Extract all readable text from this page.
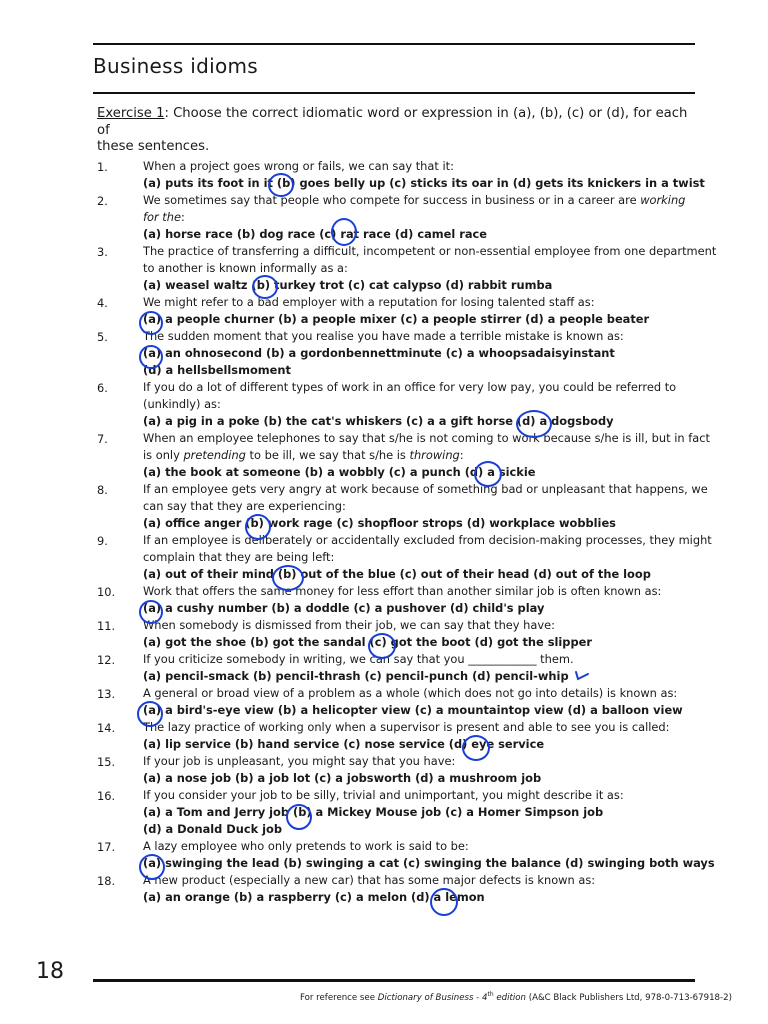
Business idioms
Exercise 1: Choose the correct idiomatic word or expression in (a), (b), (c) or (d), for each of
these sentences.
1.	When a project goes wrong or fails, we can say that it:
(a) puts its foot in it (b) goes belly up (c) sticks its oar in (d) gets its knickers in a twist
2.	We sometimes say that people who compete for success in business or in a career are working
for the:
(a) horse race (b) dog race (c) rat race (d) camel race
3.	The practice of transferring a difficult, incompetent or non-essential employee from one department
to another is known informally as a:
(a) weasel waltz (b) turkey trot (c) cat calypso (d) rabbit rumba
4.	We might refer to a bad employer with a reputation for losing talented staff as:
(a) a people churner (b) a people mixer (c) a people stirrer (d) a people beater
5.	The sudden moment that you realise you have made a terrible mistake is known as:
(a) an ohnosecond (b) a gordonbennettminute (c) a whoopsadaisyinstant
(d) a hellsbellsmoment
6.	If you do a lot of different types of work in an office for very low pay, you could be referred to
(unkindly) as:
(a) a pig in a poke (b) the cat's whiskers (c) a a gift horse (d) a dogsbody
7.	When an employee telephones to say that s/he is not coming to work because s/he is ill, but in fact
is only pretending to be ill, we say that s/he is throwing:
(a) the book at someone (b) a wobbly (c) a punch (d) a sickie
8.	If an employee gets very angry at work because of something bad or unpleasant that happens, we
can say that they are experiencing:
(a) office anger (b) work rage (c) shopfloor strops (d) workplace wobblies
9.	If an employee is deliberately or accidentally excluded from decision-making processes, they might
complain that they are being left:
(a) out of their mind (b) out of the blue (c) out of their head (d) out of the loop
10. Work that offers the same money for less effort than another similar job is often known as:
(a) a cushy number (b) a doddle (c) a pushover (d) child's play
11. When somebody is dismissed from their job, we can say that they have:
(a) got the shoe (b) got the sandal (c) got the boot (d) got the slipper
12. If you criticize somebody in writing, we can say that you ____________ them.
(a) pencil-smack (b) pencil-thrash (c) pencil-punch (d) pencil-whip
13. A general or broad view of a problem as a whole (which does not go into details) is known as:
(a) a bird's-eye view (b) a helicopter view (c) a mountaintop view (d) a balloon view
14. The lazy practice of working only when a supervisor is present and able to see you is called:
(a) lip service (b) hand service (c) nose service (d) eye service
15. If your job is unpleasant, you might say that you have:
(a) a nose job (b) a job lot (c) a jobsworth (d) a mushroom job
16. If you consider your job to be silly, trivial and unimportant, you might describe it as:
(a) a Tom and Jerry job (b) a Mickey Mouse job (c) a Homer Simpson job
(d) a Donald Duck job
17. A lazy employee who only pretends to work is said to be:
(a) swinging the lead (b) swinging a cat (c) swinging the balance (d) swinging both ways
18. A new product (especially a new car) that has some major defects is known as:
(a) an orange (b) a raspberry (c) a melon (d) a lemon
18
For reference see Dictionary of Business - 4th edition (A&C Black Publishers Ltd, 978-0-713-67918-2)
